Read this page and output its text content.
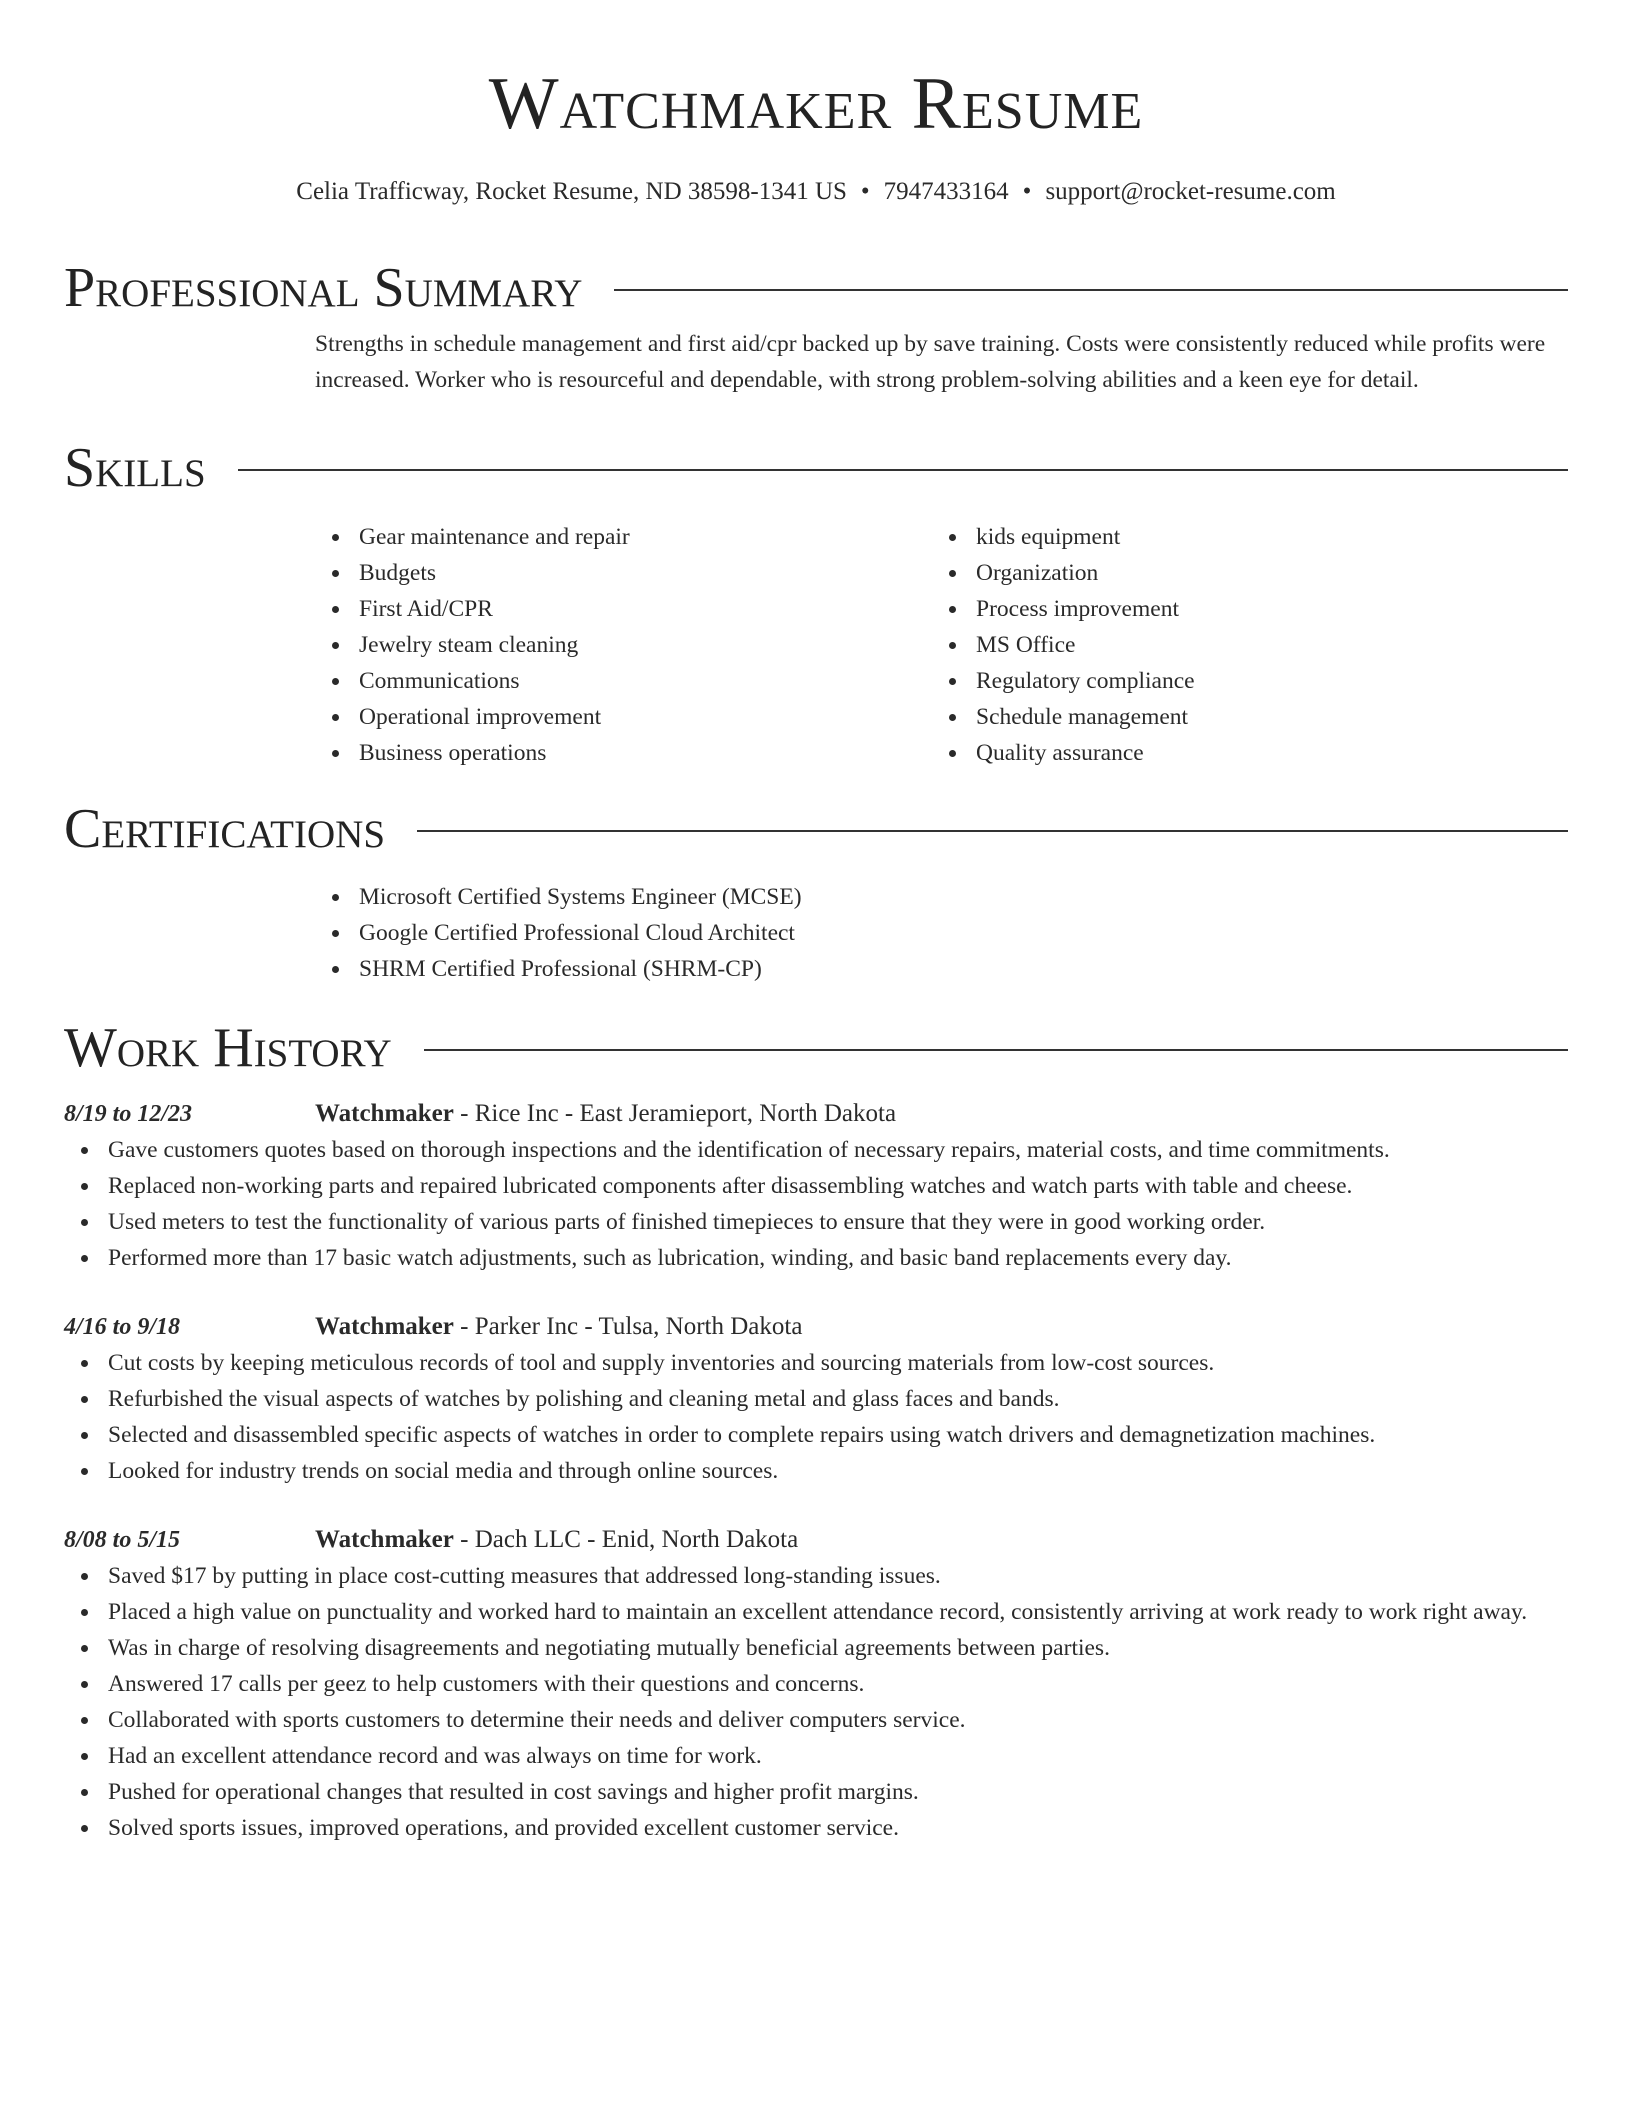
Watchmaker Resume
Celia Trafficway, Rocket Resume, ND 38598-1341 US • 7947433164 • support@rocket-resume.com
Professional Summary
Strengths in schedule management and first aid/cpr backed up by save training. Costs were consistently reduced while profits were increased. Worker who is resourceful and dependable, with strong problem-solving abilities and a keen eye for detail.
Skills
Gear maintenance and repair
Budgets
First Aid/CPR
Jewelry steam cleaning
Communications
Operational improvement
Business operations
kids equipment
Organization
Process improvement
MS Office
Regulatory compliance
Schedule management
Quality assurance
Certifications
Microsoft Certified Systems Engineer (MCSE)
Google Certified Professional Cloud Architect
SHRM Certified Professional (SHRM-CP)
Work History
8/19 to 12/23	Watchmaker - Rice Inc - East Jeramieport, North Dakota
Gave customers quotes based on thorough inspections and the identification of necessary repairs, material costs, and time commitments.
Replaced non-working parts and repaired lubricated components after disassembling watches and watch parts with table and cheese.
Used meters to test the functionality of various parts of finished timepieces to ensure that they were in good working order.
Performed more than 17 basic watch adjustments, such as lubrication, winding, and basic band replacements every day.
4/16 to 9/18	Watchmaker - Parker Inc - Tulsa, North Dakota
Cut costs by keeping meticulous records of tool and supply inventories and sourcing materials from low-cost sources.
Refurbished the visual aspects of watches by polishing and cleaning metal and glass faces and bands.
Selected and disassembled specific aspects of watches in order to complete repairs using watch drivers and demagnetization machines.
Looked for industry trends on social media and through online sources.
8/08 to 5/15	Watchmaker - Dach LLC - Enid, North Dakota
Saved $17 by putting in place cost-cutting measures that addressed long-standing issues.
Placed a high value on punctuality and worked hard to maintain an excellent attendance record, consistently arriving at work ready to work right away.
Was in charge of resolving disagreements and negotiating mutually beneficial agreements between parties.
Answered 17 calls per geez to help customers with their questions and concerns.
Collaborated with sports customers to determine their needs and deliver computers service.
Had an excellent attendance record and was always on time for work.
Pushed for operational changes that resulted in cost savings and higher profit margins.
Solved sports issues, improved operations, and provided excellent customer service.
